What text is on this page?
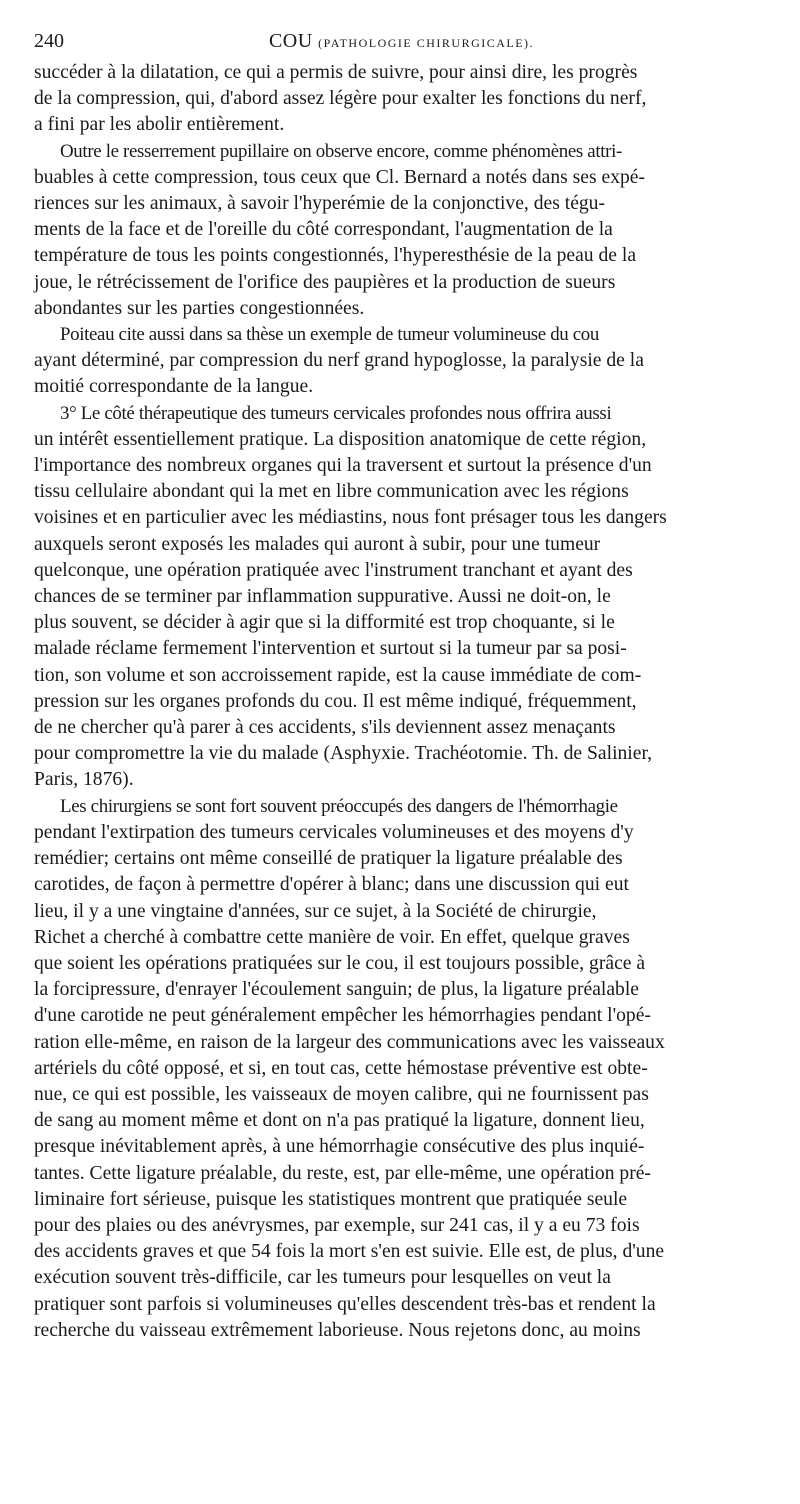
240	COU (PATHOLOGIE CHIRURGICALE).

succéder à la dilatation, ce qui a permis de suivre, pour ainsi dire, les progrès
de la compression, qui, d'abord assez légère pour exalter les fonctions du nerf,
a fini par les abolir entièrement.

Outre le resserrement pupillaire on observe encore, comme phénomènes attri-
buables à cette compression, tous ceux que Cl. Bernard a notés dans ses expé-
riences sur les animaux, à savoir l'hyperémie de la conjonctive, des tégu-
ments de la face et de l'oreille du côté correspondant, l'augmentation de la
température de tous les points congestionnés, l'hyperesthésie de la peau de la
joue, le rétrécissement de l'orifice des paupières et la production de sueurs
abondantes sur les parties congestionnées.

Poiteau cite aussi dans sa thèse un exemple de tumeur volumineuse du cou
ayant déterminé, par compression du nerf grand hypoglosse, la paralysie de la
moitié correspondante de la langue.

3° Le côté thérapeutique des tumeurs cervicales profondes nous offrira aussi
un intérêt essentiellement pratique. La disposition anatomique de cette région,
l'importance des nombreux organes qui la traversent et surtout la présence d'un
tissu cellulaire abondant qui la met en libre communication avec les régions
voisines et en particulier avec les médiastins, nous font présager tous les dangers
auxquels seront exposés les malades qui auront à subir, pour une tumeur
quelconque, une opération pratiquée avec l'instrument tranchant et ayant des
chances de se terminer par inflammation suppurative. Aussi ne doit-on, le
plus souvent, se décider à agir que si la difformité est trop choquante, si le
malade réclame fermement l'intervention et surtout si la tumeur par sa posi-
tion, son volume et son accroissement rapide, est la cause immédiate de com-
pression sur les organes profonds du cou. Il est même indiqué, fréquemment,
de ne chercher qu'à parer à ces accidents, s'ils deviennent assez menaçants
pour compromettre la vie du malade (Asphyxie. Trachéotomie. Th. de Salinier,
Paris, 1876).

Les chirurgiens se sont fort souvent préoccupés des dangers de l'hémorrhagie
pendant l'extirpation des tumeurs cervicales volumineuses et des moyens d'y
remédier; certains ont même conseillé de pratiquer la ligature préalable des
carotides, de façon à permettre d'opérer à blanc; dans une discussion qui eut
lieu, il y a une vingtaine d'années, sur ce sujet, à la Société de chirurgie,
Richet a cherché à combattre cette manière de voir. En effet, quelque graves
que soient les opérations pratiquées sur le cou, il est toujours possible, grâce à
la forcipressure, d'enrayer l'écoulement sanguin; de plus, la ligature préalable
d'une carotide ne peut généralement empêcher les hémorrhagies pendant l'opé-
ration elle-même, en raison de la largeur des communications avec les vaisseaux
artériels du côté opposé, et si, en tout cas, cette hémostase préventive est obte-
nue, ce qui est possible, les vaisseaux de moyen calibre, qui ne fournissent pas
de sang au moment même et dont on n'a pas pratiqué la ligature, donnent lieu,
presque inévitablement après, à une hémorrhagie consécutive des plus inquié-
tantes. Cette ligature préalable, du reste, est, par elle-même, une opération pré-
liminaire fort sérieuse, puisque les statistiques montrent que pratiquée seule
pour des plaies ou des anévrysmes, par exemple, sur 241 cas, il y a eu 73 fois
des accidents graves et que 54 fois la mort s'en est suivie. Elle est, de plus, d'une
exécution souvent très-difficile, car les tumeurs pour lesquelles on veut la
pratiquer sont parfois si volumineuses qu'elles descendent très-bas et rendent la
recherche du vaisseau extrêmement laborieuse. Nous rejetons donc, au moins
